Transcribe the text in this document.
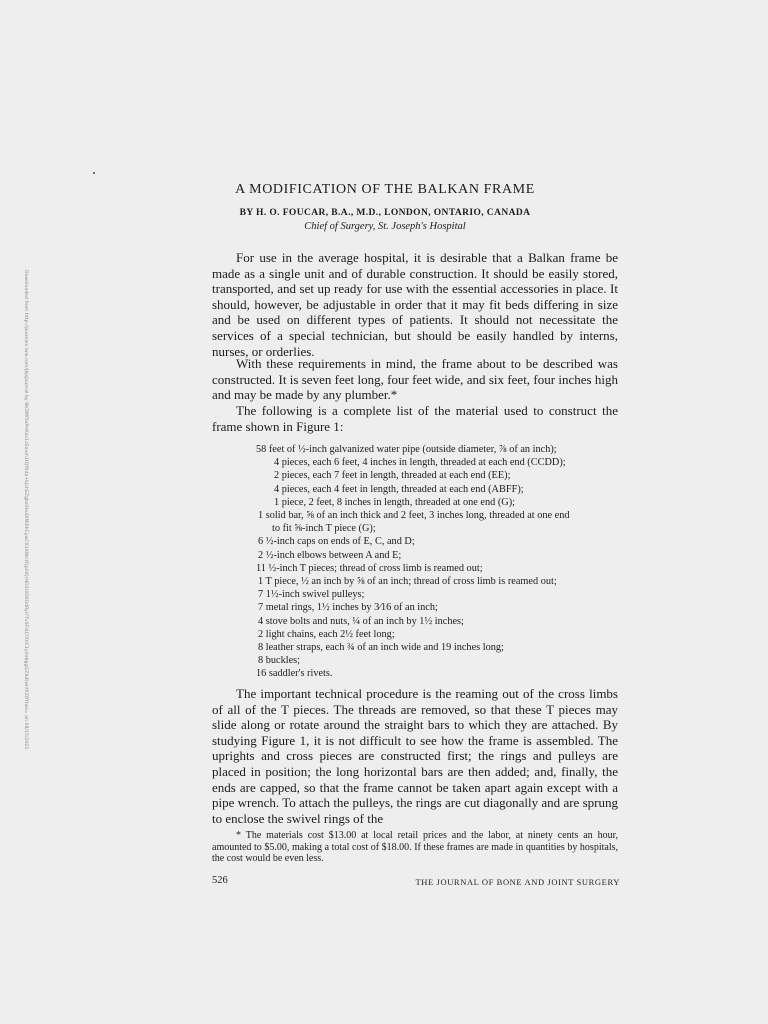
Downloaded from http://journals.lww.com/jbjsjournal by BhDMf5ePHKav1zEoum1tQfN4a+kJLhEZgbsIHo4XMi0hCywCX1AWnYQp/IlQrHD3i3D0OdRyi7TvSFl4Cf3VC1y0abggQZXdtwnfKZBYtws= on 08/15/2021
A MODIFICATION OF THE BALKAN FRAME
BY H. O. FOUCAR, B.A., M.D., LONDON, ONTARIO, CANADA
Chief of Surgery, St. Joseph's Hospital

For use in the average hospital, it is desirable that a Balkan frame be made as a single unit and of durable construction. It should be easily stored, transported, and set up ready for use with the essential accessories in place. It should, however, be adjustable in order that it may fit beds differing in size and be used on different types of patients. It should not necessitate the services of a special technician, but should be easily handled by interns, nurses, or orderlies.

With these requirements in mind, the frame about to be described was constructed. It is seven feet long, four feet wide, and six feet, four inches high and may be made by any plumber.*

The following is a complete list of the material used to construct the frame shown in Figure 1:

58 feet of ½-inch galvanized water pipe (outside diameter, ⅞ of an inch);
4 pieces, each 6 feet, 4 inches in length, threaded at each end (CCDD);
2 pieces, each 7 feet in length, threaded at each end (EE);
4 pieces, each 4 feet in length, threaded at each end (ABFF);
1 piece, 2 feet, 8 inches in length, threaded at one end (G);
1 solid bar, ⅝ of an inch thick and 2 feet, 3 inches long, threaded at one end
to fit ⅝-inch T piece (G);
6 ½-inch caps on ends of E, C, and D;
2 ½-inch elbows between A and E;
11 ½-inch T pieces; thread of cross limb is reamed out;
1 T piece, ½ an inch by ⅝ of an inch; thread of cross limb is reamed out;
7 1½-inch swivel pulleys;
7 metal rings, 1½ inches by 3⁄16 of an inch;
4 stove bolts and nuts, ¼ of an inch by 1½ inches;
2 light chains, each 2½ feet long;
8 leather straps, each ¾ of an inch wide and 19 inches long;
8 buckles;
16 saddler's rivets.

The important technical procedure is the reaming out of the cross limbs of all of the T pieces. The threads are removed, so that these T pieces may slide along or rotate around the straight bars to which they are attached. By studying Figure 1, it is not difficult to see how the frame is assembled. The uprights and cross pieces are constructed first; the rings and pulleys are placed in position; the long horizontal bars are then added; and, finally, the ends are capped, so that the frame cannot be taken apart again except with a pipe wrench. To attach the pulleys, the rings are cut diagonally and are sprung to enclose the swivel rings of the

* The materials cost $13.00 at local retail prices and the labor, at ninety cents an hour, amounted to $5.00, making a total cost of $18.00. If these frames are made in quantities by hospitals, the cost would be even less.

526	THE JOURNAL OF BONE AND JOINT SURGERY
